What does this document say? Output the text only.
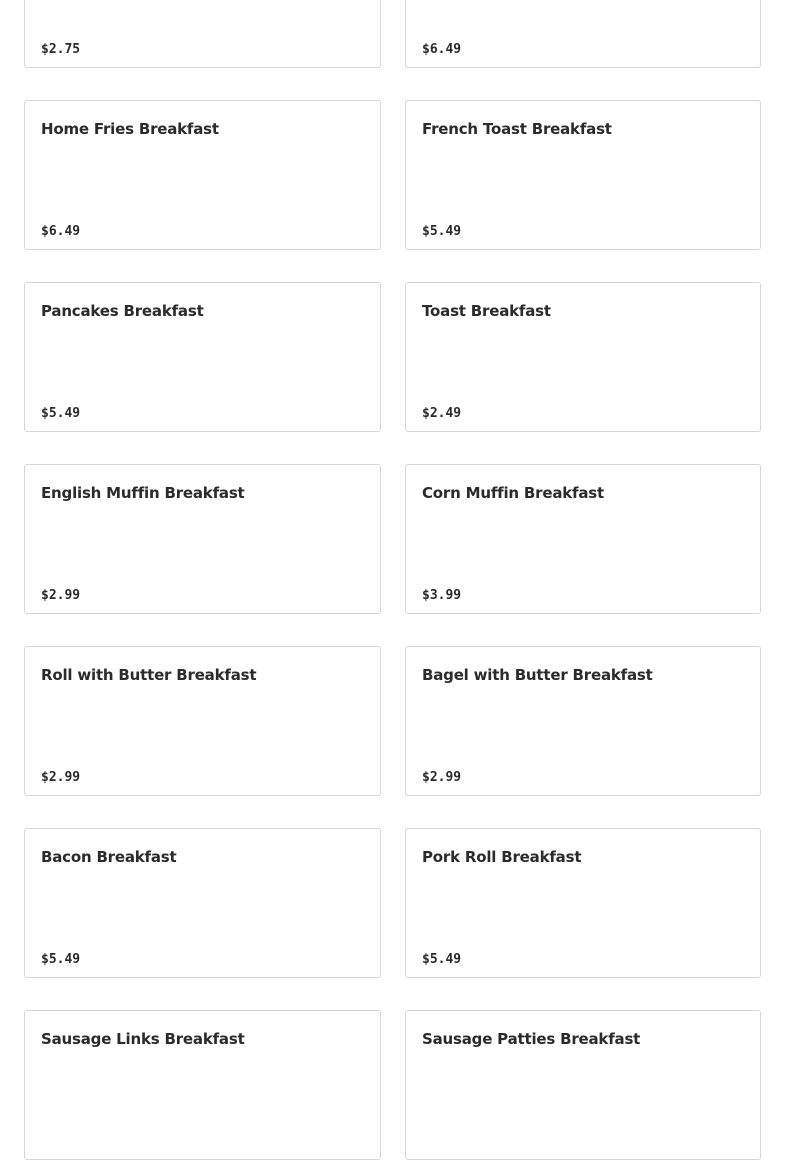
$2.75	$6.49
Home Fries Breakfast
$6.49
French Toast Breakfast
$5.49
Pancakes Breakfast
$5.49
Toast Breakfast
$2.49
English Muffin Breakfast
$2.99
Corn Muffin Breakfast
$3.99
Roll with Butter Breakfast
$2.99
Bagel with Butter Breakfast
$2.99
Bacon Breakfast
$5.49
Pork Roll Breakfast
$5.49
Sausage Links Breakfast	Sausage Patties Breakfast
